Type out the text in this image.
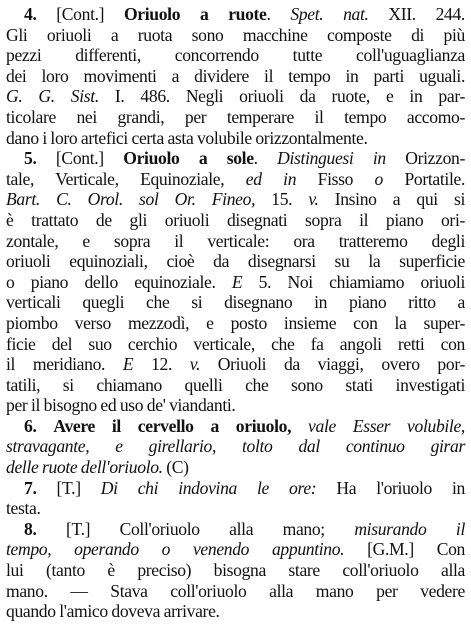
4. [Cont.] Oriuolo a ruote. Spet. nat. XII. 244.
Gli oriuoli a ruota sono macchine composte di più
pezzi differenti, concorrendo tutte coll'uguaglianza
dei loro movimenti a dividere il tempo in parti uguali.
G. G. Sist. I. 486. Negli oriuoli da ruote, e in par-
ticolare nei grandi, per temperare il tempo accomo-
dano i loro artefici certa asta volubile orizzontalmente.
5. [Cont.] Oriuolo a sole. Distinguesi in Orizzon-
tale, Verticale, Equinoziale, ed in Fisso o Portatile.
Bart. C. Orol. sol Or. Fineo, 15. v. Insino a qui si
è trattato de gli oriuoli disegnati sopra il piano ori-
zontale, e sopra il verticale: ora tratteremo degli
oriuoli equinoziali, cioè da disegnarsi su la superficie
o piano dello equinoziale. E 5. Noi chiamiamo oriuoli
verticali quegli che si disegnano in piano ritto a
piombo verso mezzodì, e posto insieme con la super-
ficie del suo cerchio verticale, che fa angoli retti con
il meridiano. E 12. v. Oriuoli da viaggi, overo por-
tatili, si chiamano quelli che sono stati investigati
per il bisogno ed uso de' viandanti.
6. Avere il cervello a oriuolo, vale Esser volubile,
stravagante, e girellario, tolto dal continuo girar
delle ruote dell'oriuolo. (C)
7. [T.] Di chi indovina le ore: Ha l'oriuolo in
testa.
8. [T.] Coll'oriuolo alla mano; misurando il
tempo, operando o venendo appuntino. [G.M.] Con
lui (tanto è preciso) bisogna stare coll'oriuolo alla
mano. — Stava coll'oriuolo alla mano per vedere
quando l'amico doveva arrivare.
